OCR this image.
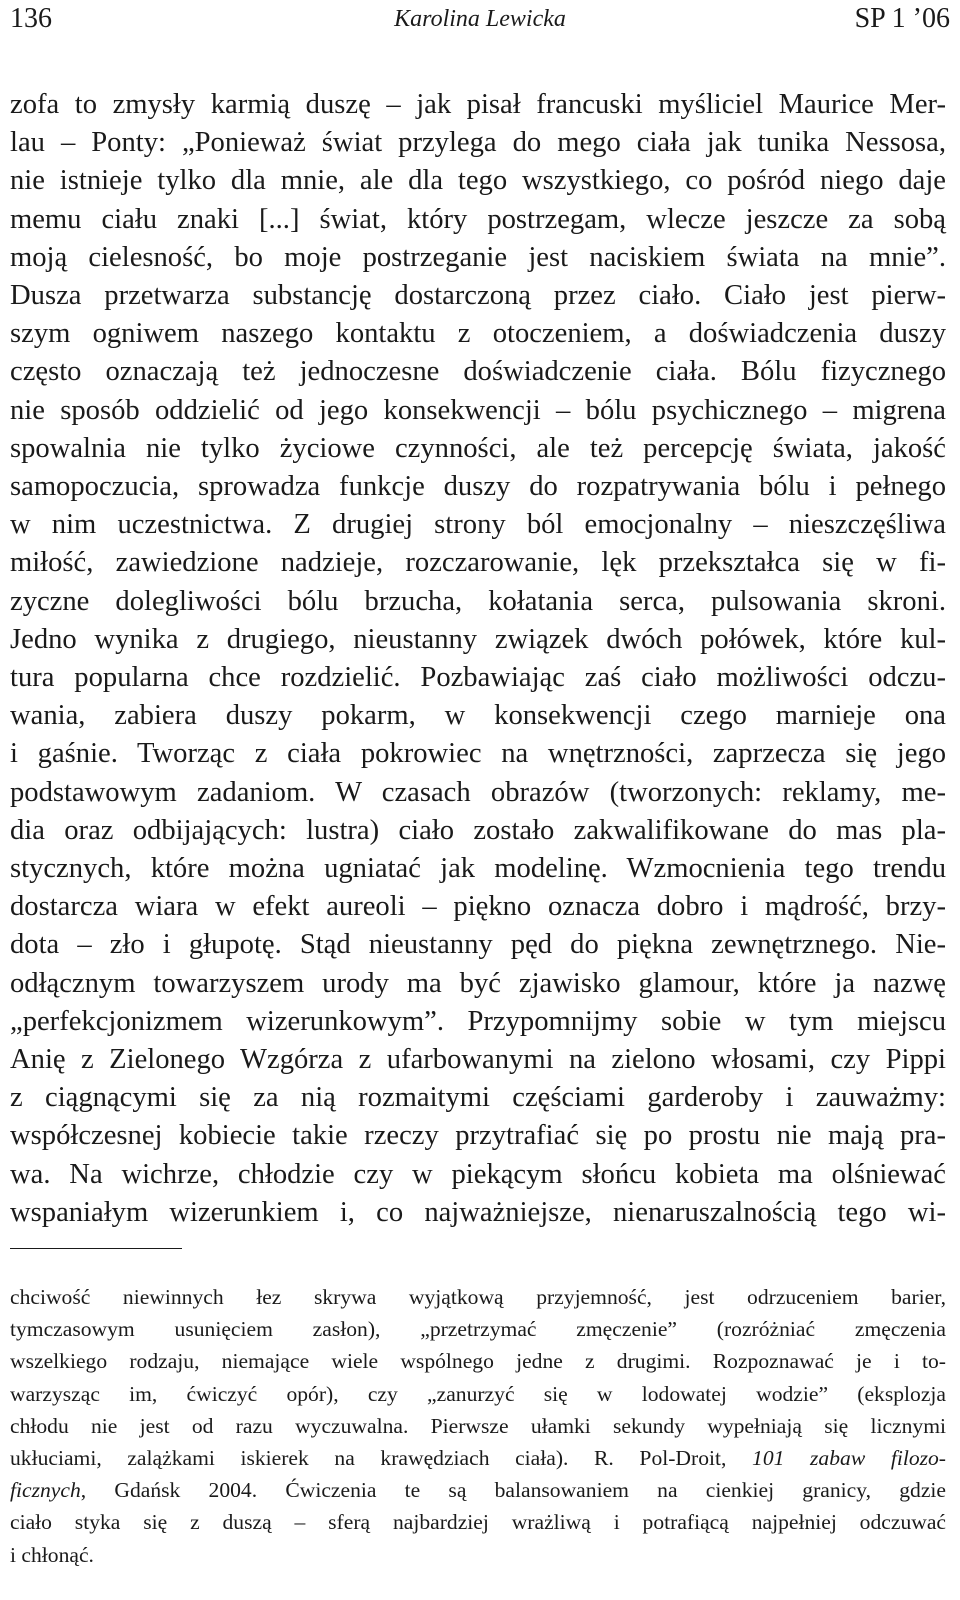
136	Karolina Lewicka	SP 1 ’06
zofa to zmysły karmią duszę – jak pisał francuski myśliciel Maurice Mer-
lau – Ponty: „Ponieważ świat przylega do mego ciała jak tunika Nessosa,
nie istnieje tylko dla mnie, ale dla tego wszystkiego, co pośród niego daje
memu ciału znaki [...] świat, który postrzegam, wlecze jeszcze za sobą
moją cielesność, bo moje postrzeganie jest naciskiem świata na mnie”.
Dusza przetwarza substancję dostarczoną przez ciało. Ciało jest pierw-
szym ogniwem naszego kontaktu z otoczeniem, a doświadczenia duszy
często oznaczają też jednoczesne doświadczenie ciała. Bólu fizycznego
nie sposób oddzielić od jego konsekwencji – bólu psychicznego – migrena
spowalnia nie tylko życiowe czynności, ale też percepcję świata, jakość
samopoczucia, sprowadza funkcje duszy do rozpatrywania bólu i pełnego
w nim uczestnictwa. Z drugiej strony ból emocjonalny – nieszczęśliwa
miłość, zawiedzione nadzieje, rozczarowanie, lęk przekształca się w fi-
zyczne dolegliwości bólu brzucha, kołatania serca, pulsowania skroni.
Jedno wynika z drugiego, nieustanny związek dwóch połówek, które kul-
tura popularna chce rozdzielić. Pozbawiając zaś ciało możliwości odczu-
wania, zabiera duszy pokarm, w konsekwencji czego marnieje ona
i gaśnie. Tworząc z ciała pokrowiec na wnętrzności, zaprzecza się jego
podstawowym zadaniom. W czasach obrazów (tworzonych: reklamy, me-
dia oraz odbijających: lustra) ciało zostało zakwalifikowane do mas pla-
stycznych, które można ugniatać jak modelinę. Wzmocnienia tego trendu
dostarcza wiara w efekt aureoli – piękno oznacza dobro i mądrość, brzy-
dota – zło i głupotę. Stąd nieustanny pęd do piękna zewnętrznego. Nie-
odłącznym towarzyszem urody ma być zjawisko glamour, które ja nazwę
„perfekcjonizmem wizerunkowym”. Przypomnijmy sobie w tym miejscu
Anię z Zielonego Wzgórza z ufarbowanymi na zielono włosami, czy Pippi
z ciągnącymi się za nią rozmaitymi częściami garderoby i zauważmy:
współczesnej kobiecie takie rzeczy przytrafiać się po prostu nie mają pra-
wa. Na wichrze, chłodzie czy w piekącym słońcu kobieta ma olśniewać
wspaniałym wizerunkiem i, co najważniejsze, nienaruszalnością tego wi-
chciwość niewinnych łez skrywa wyjątkową przyjemność, jest odrzuceniem barier,
tymczasowym usunięciem zasłon), „przetrzymać zmęczenie” (rozróżniać zmęczenia
wszelkiego rodzaju, niemające wiele wspólnego jedne z drugimi. Rozpoznawać je i to-
warzysząc im, ćwiczyć opór), czy „zanurzyć się w lodowatej wodzie” (eksplozja
chłodu nie jest od razu wyczuwalna. Pierwsze ułamki sekundy wypełniają się licznymi
ukłuciami, zalążkami iskierek na krawędziach ciała). R. Pol-Droit, 101 zabaw filozo-
ficznych, Gdańsk 2004. Ćwiczenia te są balansowaniem na cienkiej granicy, gdzie
ciało styka się z duszą – sferą najbardziej wrażliwą i potrafiącą najpełniej odczuwać
i chłonąć.
